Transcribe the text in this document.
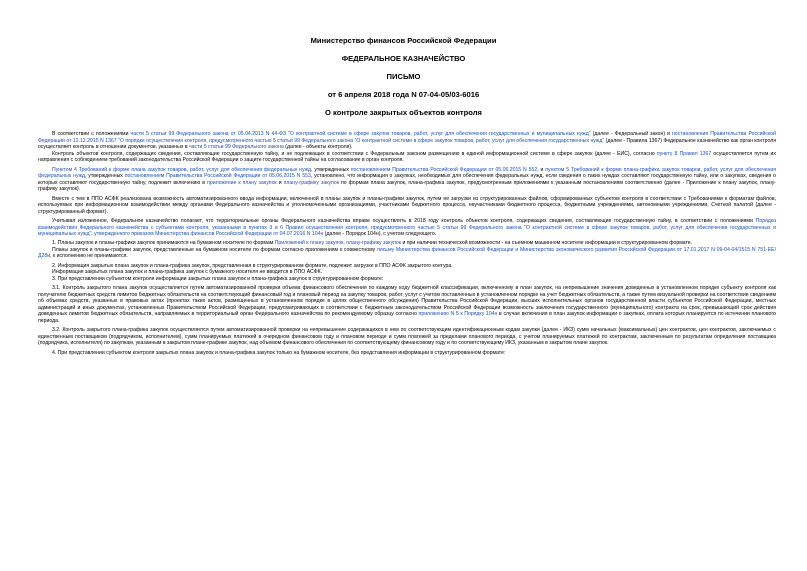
Министерство финансов Российской Федерации
ФЕДЕРАЛЬНОЕ КАЗНАЧЕЙСТВО
ПИСЬМО
от 6 апреля 2018 года N 07-04-05/03-6016
О контроле закрытых объектов контроля

В соответствии с положениями части 5 статьи 99 Федерального закона от 05.04.2013 N 44-ФЗ "О контрактной системе в сфере закупок товаров, работ, услуг для обеспечения государственных и муниципальных нужд" (далее - Федеральный закон) и постановления Правительства Российской Федерации от 12.12.2015 N 1367 "О порядке осуществления контроля, предусмотренного частью 5 статьи 99 Федерального закона "О контрактной системе в сфере закупок товаров, работ, услуг для обеспечения государственных нужд" (далее - Правила 1367) Федеральное казначейство как орган контроля осуществляет контроль в отношении документов, указанных в части 5 статьи 99 Федерального закона (далее - объекты контроля).

Контроль объектов контроля, содержащих сведения, составляющие государственную тайну, и не подлежащих в соответствии с Федеральным законом размещению в единой информационной системе в сфере закупок (далее - ЕИС), согласно пункту 8 Правил 1367 осуществляется путем их направления с соблюдением требований законодательства Российской Федерации о защите государственной тайны на согласование в орган контроля.

Пунктом 4 Требований к форме плана закупок товаров, работ, услуг для обеспечения федеральных нужд, утвержденных постановлением Правительства Российской Федерации от 05.06.2015 N 552, и пунктом 5 Требований к форме плана-графика закупок товаров, работ, услуг для обеспечения федеральных нужд, утвержденных постановлением Правительства Российской Федерации от 05.06.2015 N 553, установлено, что информация о закупках, необходимых для обеспечения федеральных нужд, если сведения о таких нуждах составляют государственную тайну, или о закупках, сведения о которых составляют государственную тайну, подлежит включению в приложение к плану закупок и плану-графику закупок по формам плана закупок, плана-графика закупок, предусмотренным приложениями к указанным постановлениям соответственно (далее - Приложение к плану закупок, плану-графику закупок).

Вместе с тем в ППО АСФК реализована возможность автоматизированного ввода информации, включенной в планы закупок и планы-графики закупок, путем ее загрузки из структурированных файлов, сформированных субъектом контроля в соответствии с Требованиями к форматам файлов, используемых при информационном взаимодействии между органами Федерального казначейства и уполномоченными организациями, участниками бюджетного процесса, неучастниками бюджетного процесса, бюджетными учреждениями, автономными учреждениями, Счетной палатой (далее - структурированный формат).

Учитывая изложенное, Федеральное казначейство полагает, что территориальные органы Федерального казначейства вправе осуществлять в 2018 году контроль объектов контроля, содержащих сведения, составляющие государственную тайну, в соответствии с положениями Порядка взаимодействия Федерального казначейства с субъектами контроля, указанными в пунктах 3 и 6 Правил осуществления контроля, предусмотренного частью 5 статьи 99 Федерального закона "О контрактной системе в сфере закупок товаров, работ, услуг для обеспечения государственных и муниципальных нужд", утвержденного приказом Министерства финансов Российской Федерации от 04.07.2016 N 104н (далее - Порядок 104н), с учетом следующего.

1. Планы закупок и планы-графики закупок принимаются на бумажном носителе по формам Приложений к плану закупок, плану-графику закупок и при наличии технической возможности - на съемном машинном носителе информации в структурированном формате.

Планы закупок и планы-графики закупок, представленные на бумажном носителе по формам согласно приложениям к совместному письму Министерства финансов Российской Федерации и Министерства экономического развития Российской Федерации от 17.01.2017 N 09-04-04/1515 N 751-ЕЕ/Д28и, к исполнению не принимаются.

2. Информация закрытых плана закупок и плана-графика закупок, представленная в структурированном формате, подлежит загрузке в ППО АСФК закрытого контура.

Информация закрытых плана закупок и плана-графика закупок с бумажного носителя не вводится в ППО АСФК.

3. При представлении субъектом контроля информации закрытых плана закупок и плана-графика закупок в структурированном формате:

3.1. Контроль закрытого плана закупок осуществляется путем автоматизированной проверки объема финансового обеспечения по каждому коду бюджетной классификации, включенному в план закупок, на непревышение значения доведенных в установленном порядке субъекту контроля как получателю бюджетных средств лимитов бюджетных обязательств на соответствующий финансовый год и плановый период на закупку товаров, работ, услуг с учетом поставленных в установленном порядке на учет бюджетных обязательств, а также путем визуальной проверки на соответствие сведениям об объемах средств, указанных в правовых актах (проектах таких актов, размещенных в установленном порядке в целях общественного обсуждения) Правительства Российской Федерации, высших исполнительных органов государственной власти субъектов Российской Федерации, местных администраций и иных документах, установленных Правительством Российской Федерации, предусматривающих в соответствии с бюджетным законодательством Российской Федерации возможность заключения государственного (муниципального) контракта на срок, превышающий срок действия доведенных лимитов бюджетных обязательств, направляемых в территориальный орган Федерального казначейства по рекомендуемому образцу согласно приложению N 5 к Порядку 104н в случае включения в план закупок информации о закупках, оплата которых планируется по истечении планового периода.

3.2. Контроль закрытого плана-графика закупок осуществляется путем автоматизированной проверки на непревышение содержащихся в нем по соответствующим идентификационным кодам закупки (далее - ИКЗ) сумм начальных (максимальных) цен контрактов, цен контрактов, заключаемых с единственным поставщиком (подрядчиком, исполнителем), сумм планируемых платежей в очередном финансовом году и плановом периоде и сумм платежей за пределами планового периода, с учетом планируемых платежей по контрактам, заключенным по результатам определения поставщика (подрядчика, исполнителя) по закупкам, указанным в закрытом плане-графике закупок, над объемом финансового обеспечения по соответствующему финансовому году и по соответствующему ИКЗ, указанным в закрытом плане закупок.

4. При представлении субъектом контроля закрытых плана закупок и плана-графика закупок только на бумажном носителе, без представления информации в структурированном формате:
